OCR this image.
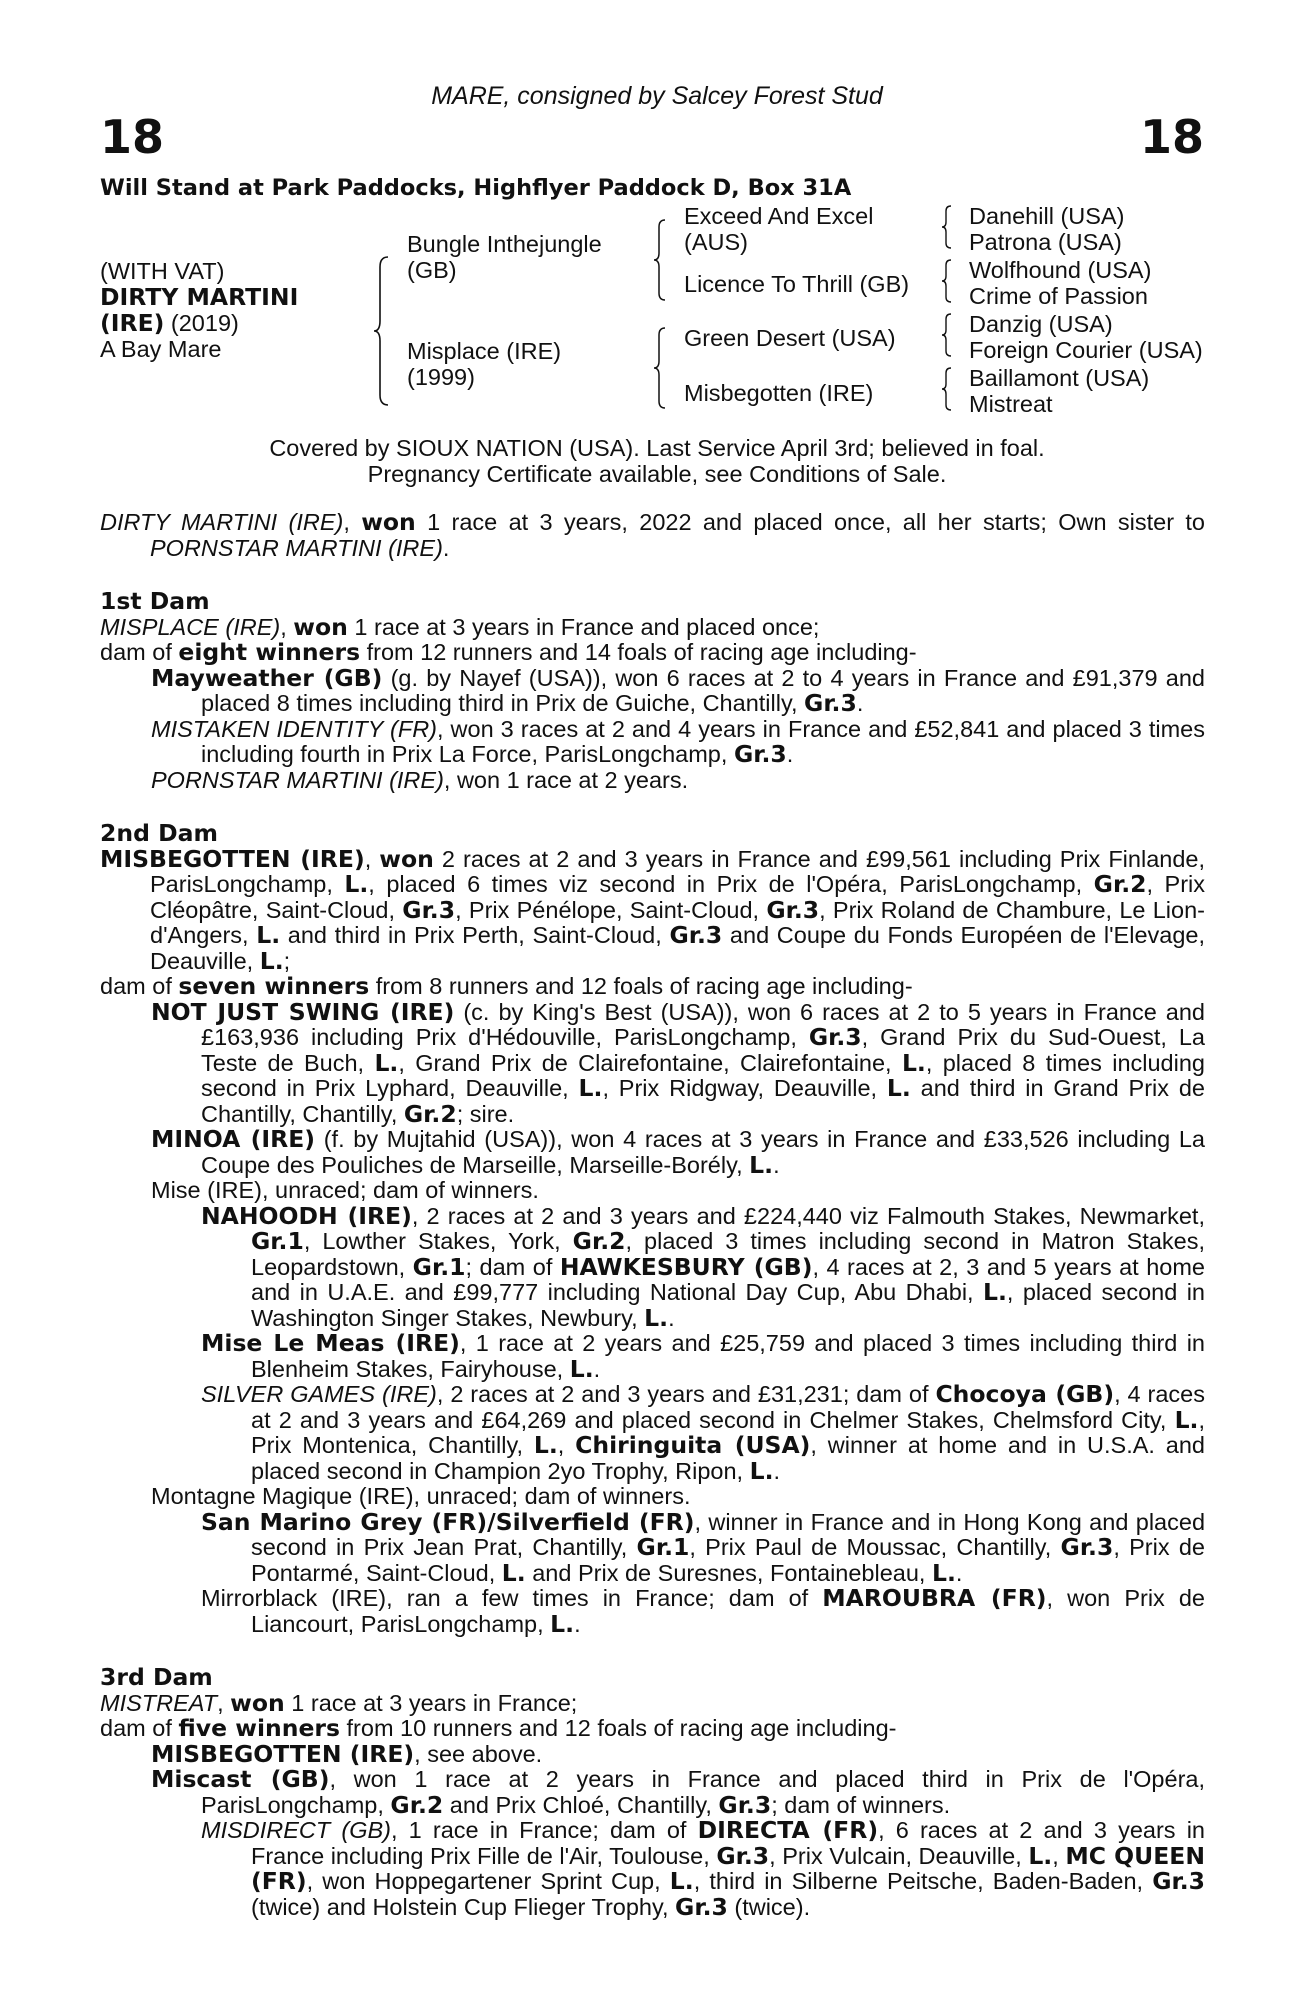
MARE, consigned by Salcey Forest Stud
18	18
Will Stand at Park Paddocks, Highflyer Paddock D, Box 31A
(WITH VAT)
DIRTY MARTINI
(IRE) (2019)
A Bay Mare
Bungle Inthejungle
(GB)
Misplace (IRE)
(1999)
Exceed And Excel
(AUS)
Licence To Thrill (GB)
Green Desert (USA)
Misbegotten (IRE)
Danehill (USA)
Patrona (USA)
Wolfhound (USA)
Crime of Passion
Danzig (USA)
Foreign Courier (USA)
Baillamont (USA)
Mistreat
Covered by SIOUX NATION (USA). Last Service April 3rd; believed in foal.
Pregnancy Certificate available, see Conditions of Sale.

DIRTY MARTINI (IRE), won 1 race at 3 years, 2022 and placed once, all her starts; Own sister to PORNSTAR MARTINI (IRE).

1st Dam

MISPLACE (IRE), won 1 race at 3 years in France and placed once;

dam of eight winners from 12 runners and 14 foals of racing age including-

Mayweather (GB) (g. by Nayef (USA)), won 6 races at 2 to 4 years in France and £91,379 and placed 8 times including third in Prix de Guiche, Chantilly, Gr.3.

MISTAKEN IDENTITY (FR), won 3 races at 2 and 4 years in France and £52,841 and placed 3 times including fourth in Prix La Force, ParisLongchamp, Gr.3.

PORNSTAR MARTINI (IRE), won 1 race at 2 years.

2nd Dam

MISBEGOTTEN (IRE), won 2 races at 2 and 3 years in France and £99,561 including Prix Finlande, ParisLongchamp, L., placed 6 times viz second in Prix de l'Opéra, ParisLongchamp, Gr.2, Prix Cléopâtre, Saint-Cloud, Gr.3, Prix Pénélope, Saint-Cloud, Gr.3, Prix Roland de Chambure, Le Lion-d'Angers, L. and third in Prix Perth, Saint-Cloud, Gr.3 and Coupe du Fonds Européen de l'Elevage, Deauville, L.;

dam of seven winners from 8 runners and 12 foals of racing age including-

NOT JUST SWING (IRE) (c. by King's Best (USA)), won 6 races at 2 to 5 years in France and £163,936 including Prix d'Hédouville, ParisLongchamp, Gr.3, Grand Prix du Sud-Ouest, La Teste de Buch, L., Grand Prix de Clairefontaine, Clairefontaine, L., placed 8 times including second in Prix Lyphard, Deauville, L., Prix Ridgway, Deauville, L. and third in Grand Prix de Chantilly, Chantilly, Gr.2; sire.

MINOA (IRE) (f. by Mujtahid (USA)), won 4 races at 3 years in France and £33,526 including La Coupe des Pouliches de Marseille, Marseille-Borély, L..

Mise (IRE), unraced; dam of winners.

NAHOODH (IRE), 2 races at 2 and 3 years and £224,440 viz Falmouth Stakes, Newmarket, Gr.1, Lowther Stakes, York, Gr.2, placed 3 times including second in Matron Stakes, Leopardstown, Gr.1; dam of HAWKESBURY (GB), 4 races at 2, 3 and 5 years at home and in U.A.E. and £99,777 including National Day Cup, Abu Dhabi, L., placed second in Washington Singer Stakes, Newbury, L..

Mise Le Meas (IRE), 1 race at 2 years and £25,759 and placed 3 times including third in Blenheim Stakes, Fairyhouse, L..

SILVER GAMES (IRE), 2 races at 2 and 3 years and £31,231; dam of Chocoya (GB), 4 races at 2 and 3 years and £64,269 and placed second in Chelmer Stakes, Chelmsford City, L., Prix Montenica, Chantilly, L., Chiringuita (USA), winner at home and in U.S.A. and placed second in Champion 2yo Trophy, Ripon, L..

Montagne Magique (IRE), unraced; dam of winners.

San Marino Grey (FR)/Silverfield (FR), winner in France and in Hong Kong and placed second in Prix Jean Prat, Chantilly, Gr.1, Prix Paul de Moussac, Chantilly, Gr.3, Prix de Pontarmé, Saint-Cloud, L. and Prix de Suresnes, Fontainebleau, L..

Mirrorblack (IRE), ran a few times in France; dam of MAROUBRA (FR), won Prix de Liancourt, ParisLongchamp, L..

3rd Dam

MISTREAT, won 1 race at 3 years in France;

dam of five winners from 10 runners and 12 foals of racing age including-

MISBEGOTTEN (IRE), see above.

Miscast (GB), won 1 race at 2 years in France and placed third in Prix de l'Opéra, ParisLongchamp, Gr.2 and Prix Chloé, Chantilly, Gr.3; dam of winners.

MISDIRECT (GB), 1 race in France; dam of DIRECTA (FR), 6 races at 2 and 3 years in France including Prix Fille de l'Air, Toulouse, Gr.3, Prix Vulcain, Deauville, L., MC QUEEN (FR), won Hoppegartener Sprint Cup, L., third in Silberne Peitsche, Baden-Baden, Gr.3 (twice) and Holstein Cup Flieger Trophy, Gr.3 (twice).
